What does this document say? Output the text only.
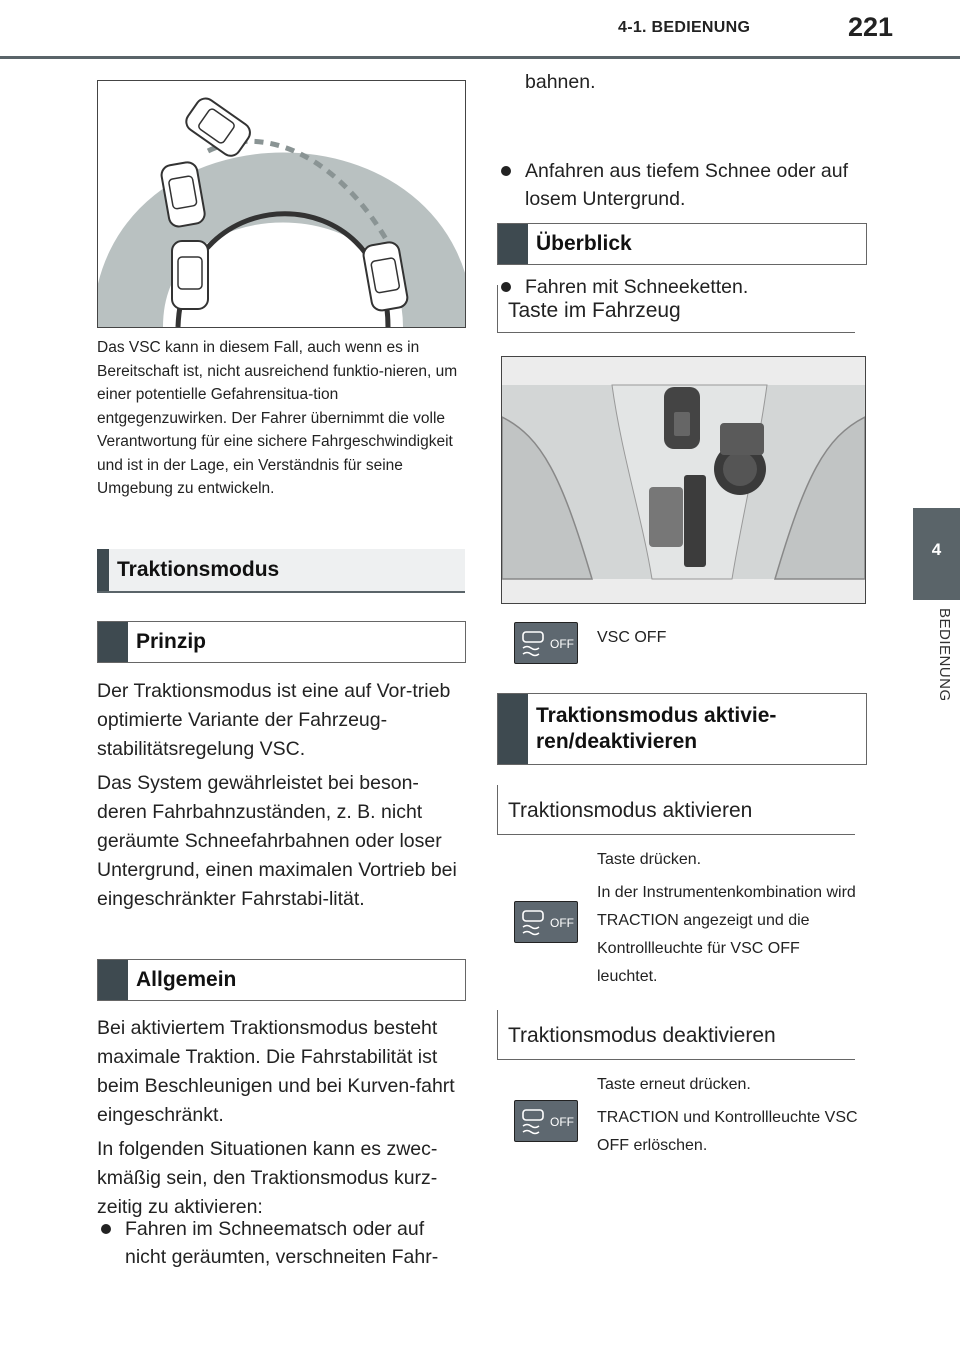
4-1. BEDIENUNG	221
4
BEDIENUNG
Das VSC kann in diesem Fall, auch wenn es in Bereitschaft ist, nicht ausreichend funktio-nieren, um einer potentielle Gefahrensitua-tion entgegenzuwirken. Der Fahrer übernimmt die volle Verantwortung für eine sichere Fahrgeschwindigkeit und ist in der Lage, ein Verständnis für seine Umgebung zu entwickeln.
Traktionsmodus
Prinzip

Der Traktionsmodus ist eine auf Vor-trieb optimierte Variante der Fahrzeug-stabilitätsregelung VSC.

Das System gewährleistet bei beson-deren Fahrbahnzuständen, z. B. nicht geräumte Schneefahrbahnen oder loser Untergrund, einen maximalen Vortrieb bei eingeschränkter Fahrstabi-lität.

Allgemein

Bei aktiviertem Traktionsmodus besteht maximale Traktion. Die Fahrstabilität ist beim Beschleunigen und bei Kurven-fahrt eingeschränkt.

In folgenden Situationen kann es zwec-kmäßig sein, den Traktionsmodus kurz-zeitig zu aktivieren:

Fahren im Schneematsch oder auf nicht geräumten, verschneiten Fahr-
bahnen.
Anfahren aus tiefem Schnee oder auf losem Untergrund.
Fahren mit Schneeketten.
Überblick
Taste im Fahrzeug
OFF VSC OFF
Traktionsmodus aktivie-ren/deaktivieren
Traktionsmodus aktivieren
Taste drücken.
OFF
In der Instrumentenkombination wird TRACTION angezeigt und die Kontrollleuchte für VSC OFF leuchtet.
Traktionsmodus deaktivieren
Taste erneut drücken.
OFF TRACTION und Kontrollleuchte VSC OFF erlöschen.
